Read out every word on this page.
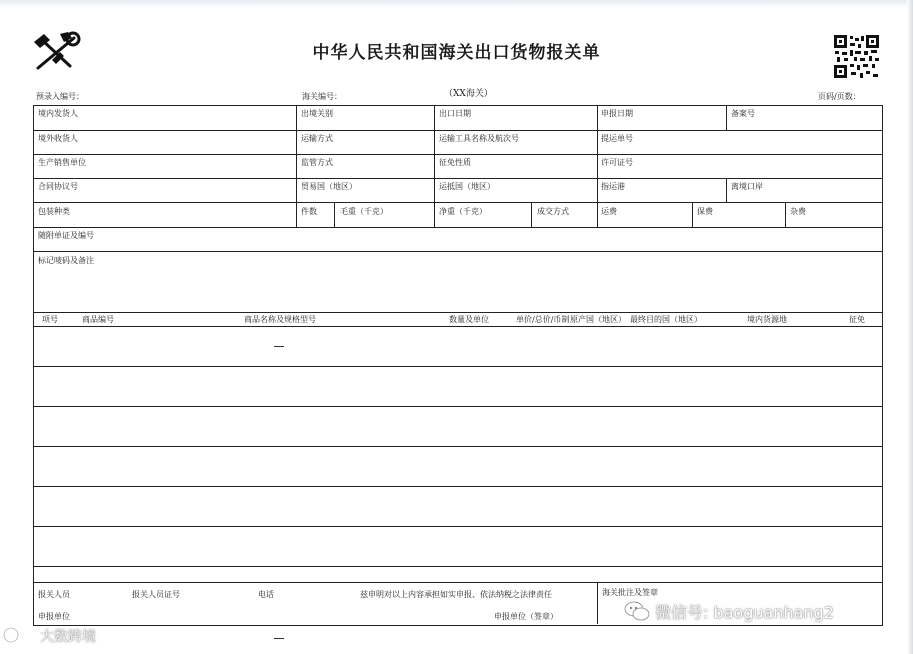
中华人民共和国海关出口货物报关单
预录入编号：	海关编号：	（XX海关）	页码/页数：
境内发货人	出境关别	出口日期	申报日期	备案号
境外收货人	运输方式	运输工具名称及航次号	提运单号
生产销售单位	监管方式	征免性质	许可证号
合同协议号	贸易国（地区）	运抵国（地区）	指运港	离境口岸
包装种类	件数	毛重（千克）	净重（千克）	成交方式	运费	保费	杂费
随附单证及编号
标记唛码及备注
项号	商品编号	商品名称及规格型号	数量及单位	单价/总价/币制 原产国（地区） 最终目的国（地区）	境内货源地	征免
报关人员	报关人员证号	电话	兹申明对以上内容承担如实申报、依法纳税之法律责任	海关批注及签章
申报单位	申报单位（签章）
大数跨境
微信号: baoguanhang2
